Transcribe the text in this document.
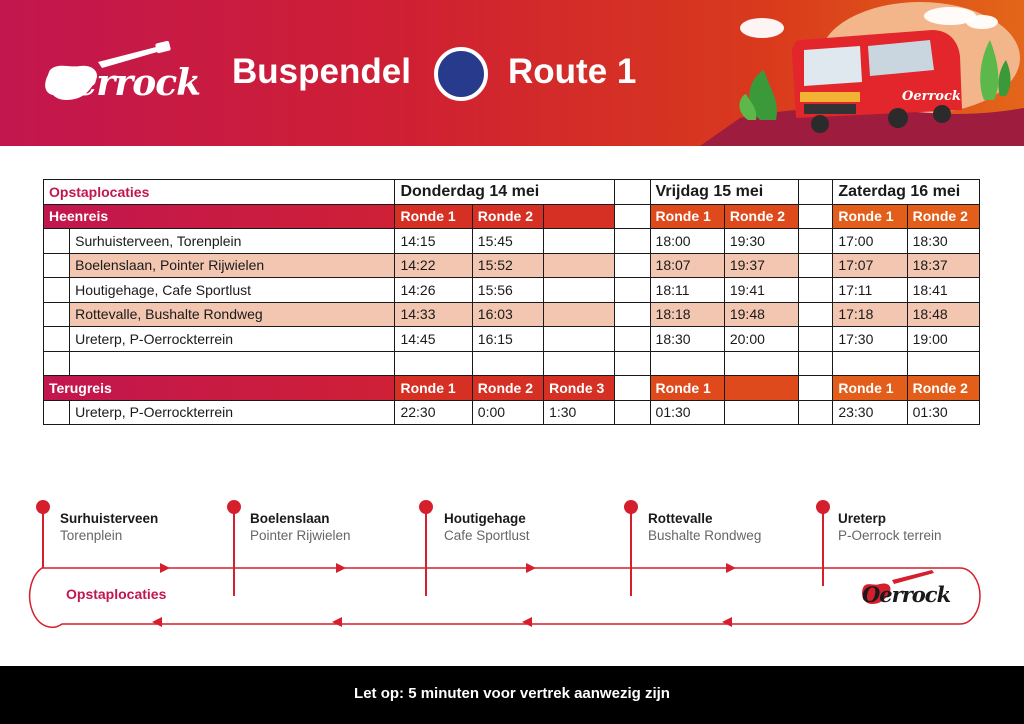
Oerrock Buspendel	Route 1
Oerrock
Opstaplocaties		Donderdag 14 mei				Vrijdag 15 mei			Zaterdag 16 mei	
Heenreis		Ronde 1	Ronde 2			Ronde 1	Ronde 2		Ronde 1	Ronde 2
	Surhuisterveen, Torenplein	14:15	15:45			18:00	19:30		17:00	18:30
	Boelenslaan, Pointer Rijwielen	14:22	15:52			18:07	19:37		17:07	18:37
	Houtigehage, Cafe Sportlust	14:26	15:56			18:11	19:41		17:11	18:41
	Rottevalle, Bushalte Rondweg	14:33	16:03			18:18	19:48		17:18	18:48
	Ureterp, P-Oerrockterrein	14:45	16:15			18:30	20:00		17:30	19:00

Terugreis		Ronde 1	Ronde 2	Ronde 3		Ronde 1			Ronde 1	Ronde 2
	Ureterp, P-Oerrockterrein	22:30	0:00	1:30		01:30			23:30	01:30
Surhuisterveen
Torenplein
Boelenslaan
Pointer Rijwielen
Houtigehage
Cafe Sportlust
Rottevalle
Bushalte Rondweg
Ureterp
P-Oerrock terrein
Opstaplocaties	Oerrock
Let op: 5 minuten voor vertrek aanwezig zijn
